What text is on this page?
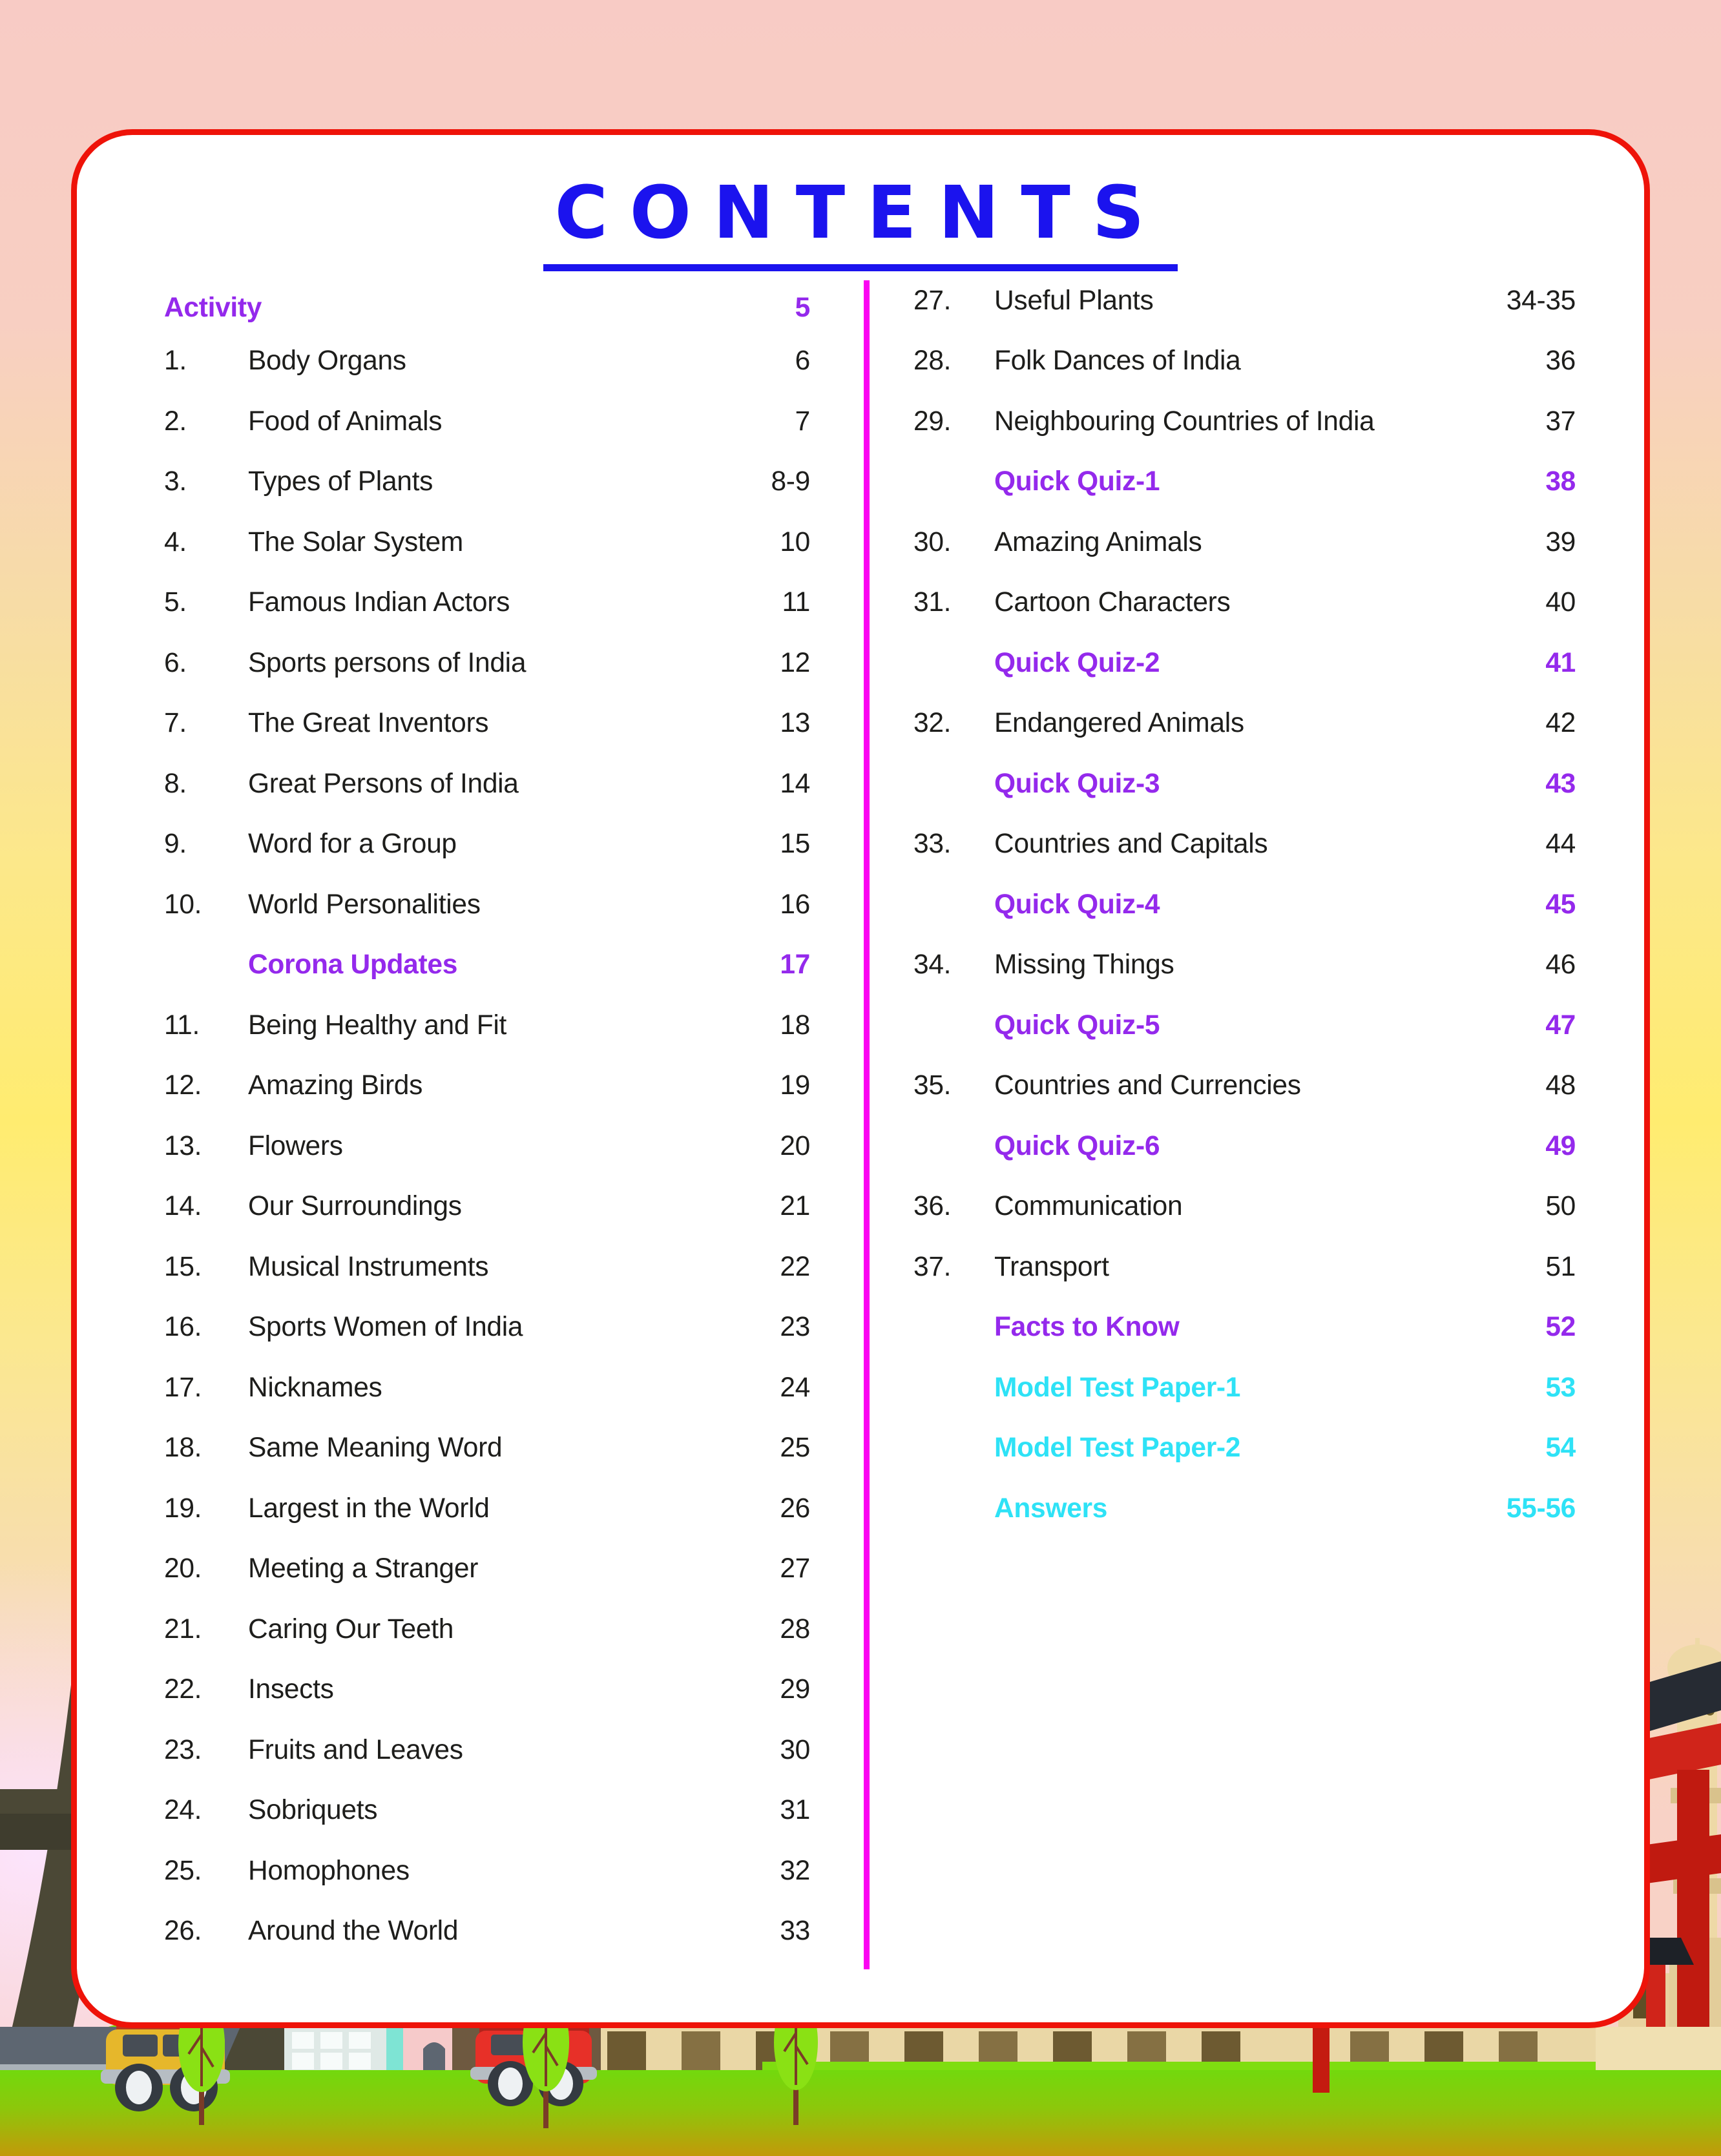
CONTENTS
Activity	5
1.	Body Organs	6
2.	Food of Animals	7
3.	Types of Plants	8-9
4.	The Solar System	10
5.	Famous Indian Actors	11
6.	Sports persons of India	12
7.	The Great Inventors	13
8.	Great Persons of India	14
9.	Word for a Group	15
10.	World Personalities	16
Corona Updates	17
11.	Being Healthy and Fit	18
12.	Amazing Birds	19
13.	Flowers	20
14.	Our Surroundings	21
15.	Musical Instruments	22
16.	Sports Women of India	23
17.	Nicknames	24
18.	Same Meaning Word	25
19.	Largest in the World	26
20.	Meeting a Stranger	27
21.	Caring Our Teeth	28
22.	Insects	29
23.	Fruits and Leaves	30
24.	Sobriquets	31
25.	Homophones	32
26.	Around the World	33
27.	Useful Plants	34-35
28.	Folk Dances of India	36
29.	Neighbouring Countries of India	37
Quick Quiz-1	38
30.	Amazing Animals	39
31.	Cartoon Characters	40
Quick Quiz-2	41
32.	Endangered Animals	42
Quick Quiz-3	43
33.	Countries and Capitals	44
Quick Quiz-4	45
34.	Missing Things	46
Quick Quiz-5	47
35.	Countries and Currencies	48
Quick Quiz-6	49
36.	Communication	50
37.	Transport	51
Facts to Know	52
Model Test Paper-1	53
Model Test Paper-2	54
Answers	55-56
